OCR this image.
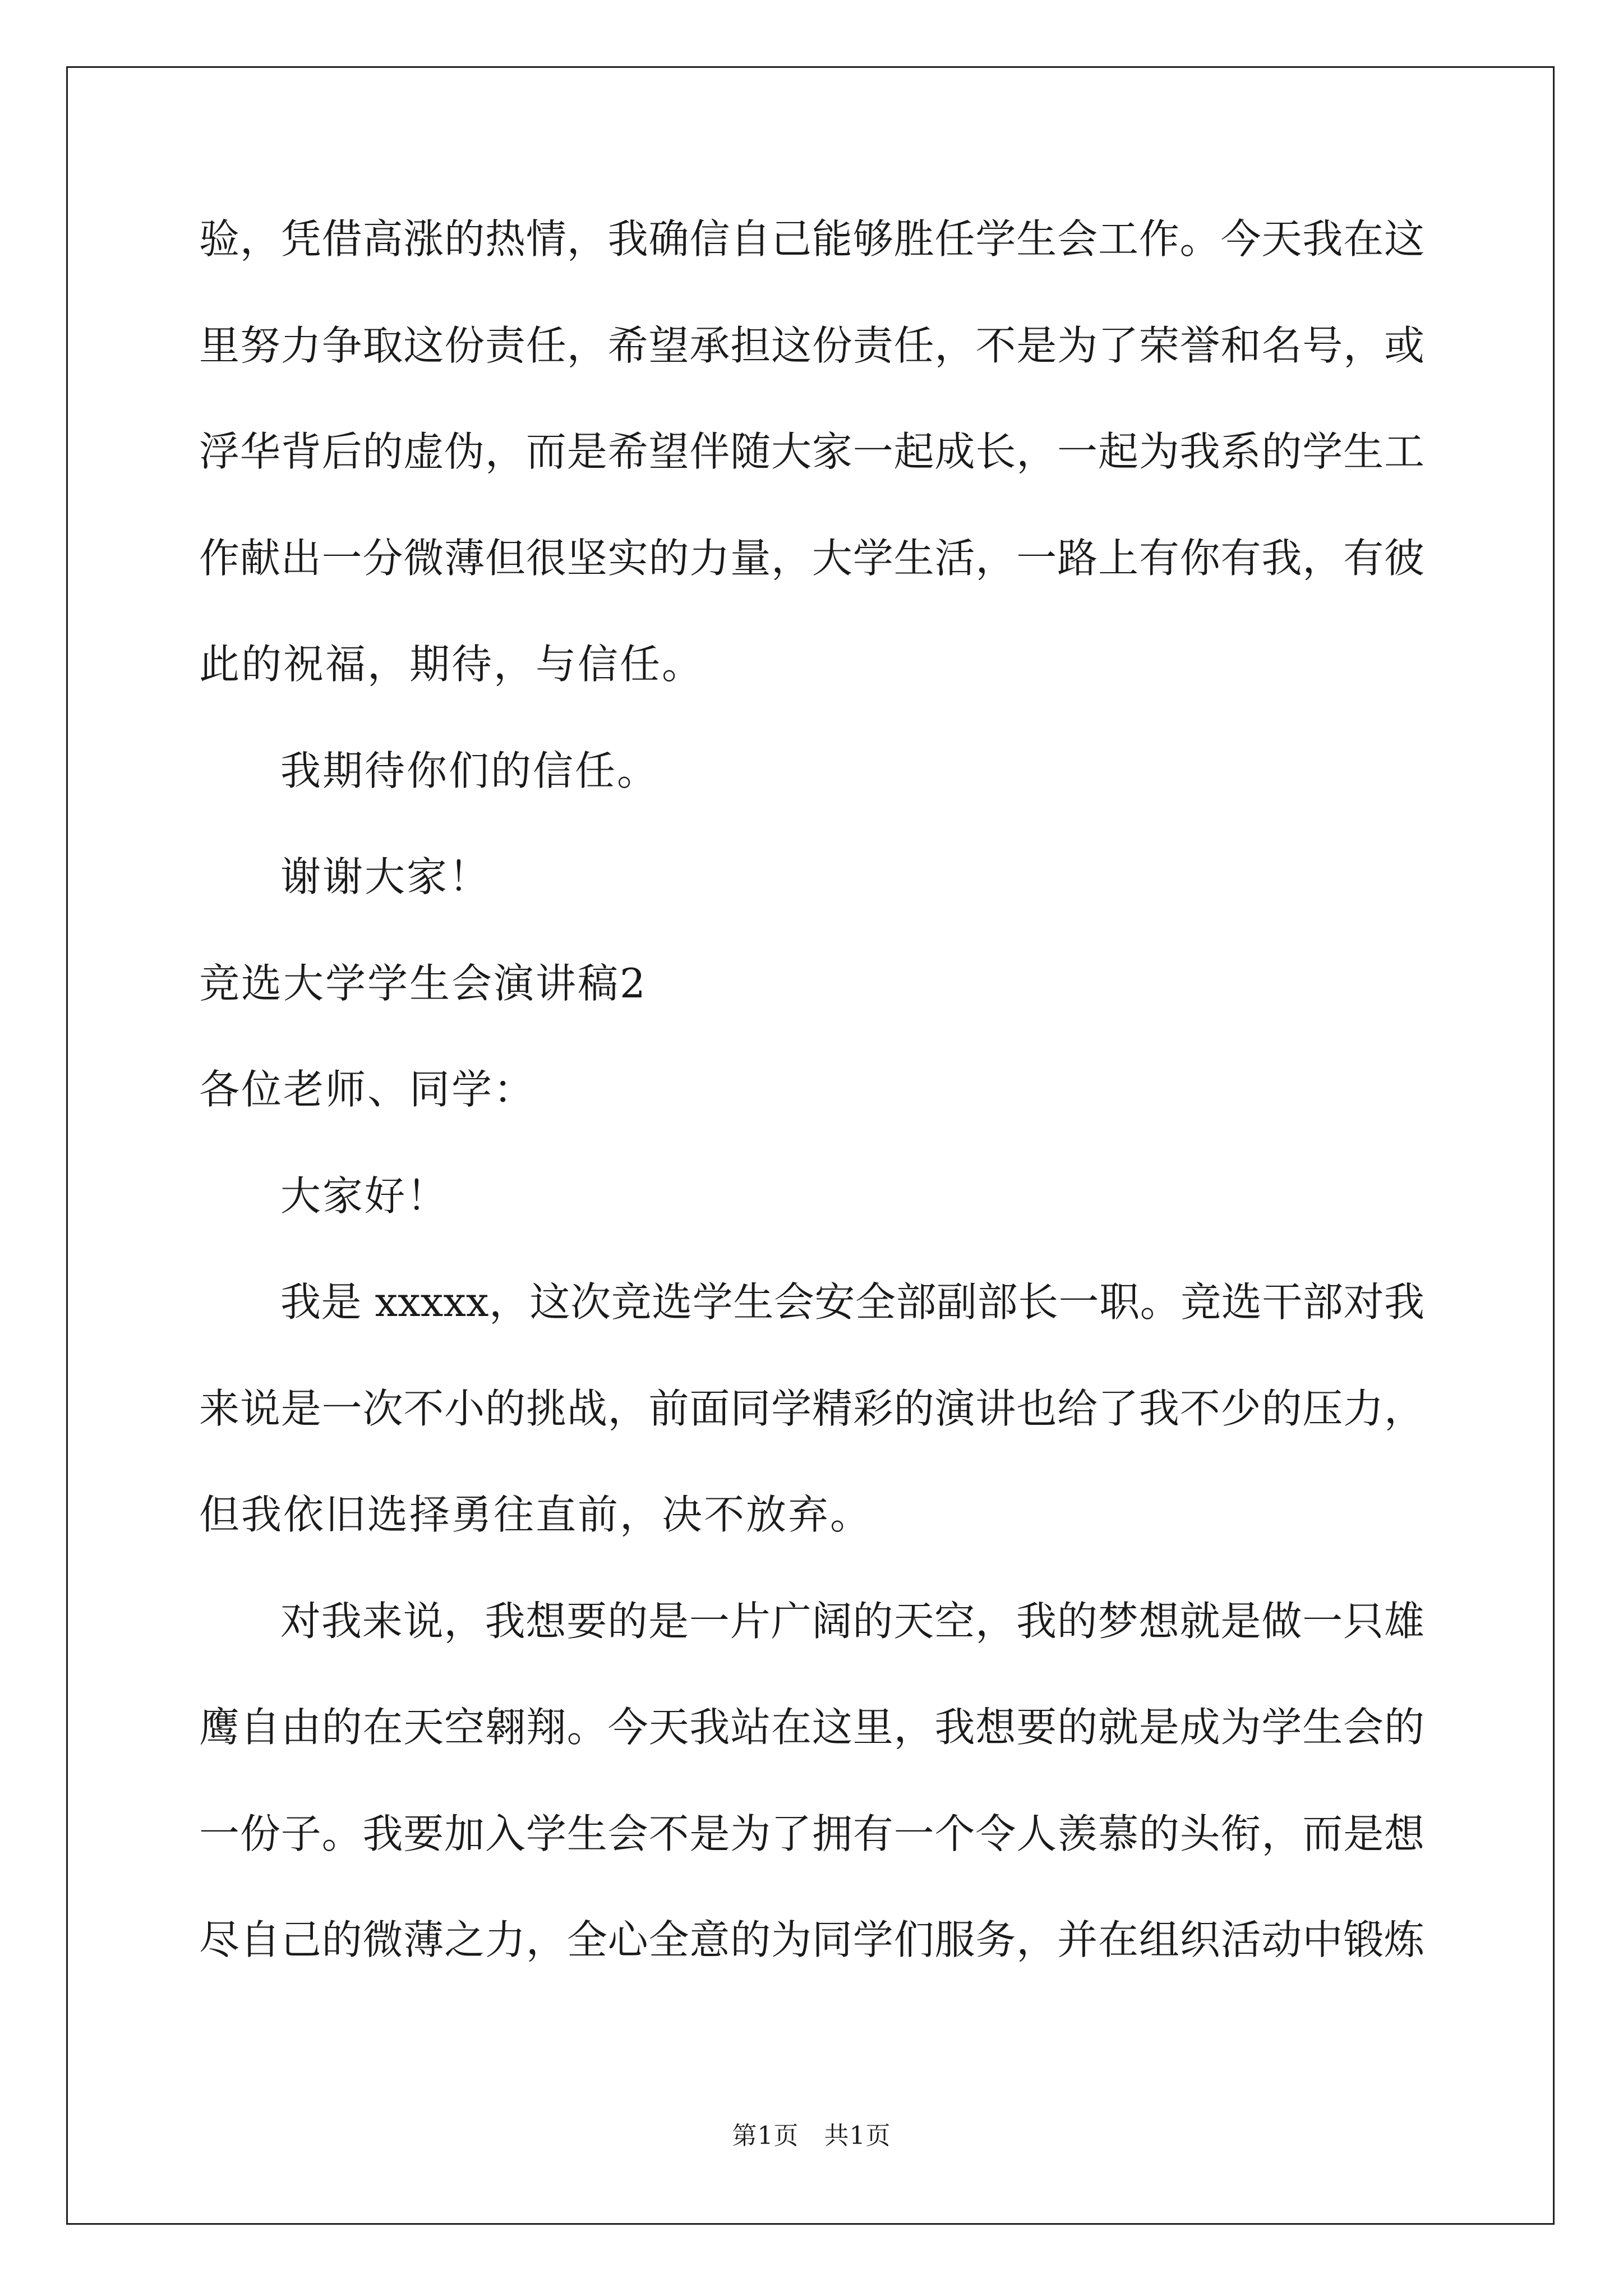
验，凭借高涨的热情，我确信自己能够胜任学生会工作。今天我在这
里努力争取这份责任，希望承担这份责任，不是为了荣誉和名号，或
浮华背后的虚伪，而是希望伴随大家一起成长，一起为我系的学生工
作献出一分微薄但很坚实的力量，大学生活，一路上有你有我，有彼
此的祝福，期待，与信任。
我期待你们的信任。
谢谢大家！
竞选大学学生会演讲稿2
各位老师、同学：
大家好！
我是 xxxxx，这次竞选学生会安全部副部长一职。竞选干部对我
来说是一次不小的挑战，前面同学精彩的演讲也给了我不少的压力，
但我依旧选择勇往直前，决不放弃。
对我来说，我想要的是一片广阔的天空，我的梦想就是做一只雄
鹰自由的在天空翱翔。今天我站在这里，我想要的就是成为学生会的
一份子。我要加入学生会不是为了拥有一个令人羡慕的头衔，而是想
尽自己的微薄之力，全心全意的为同学们服务，并在组织活动中锻炼
第1页　共1页
